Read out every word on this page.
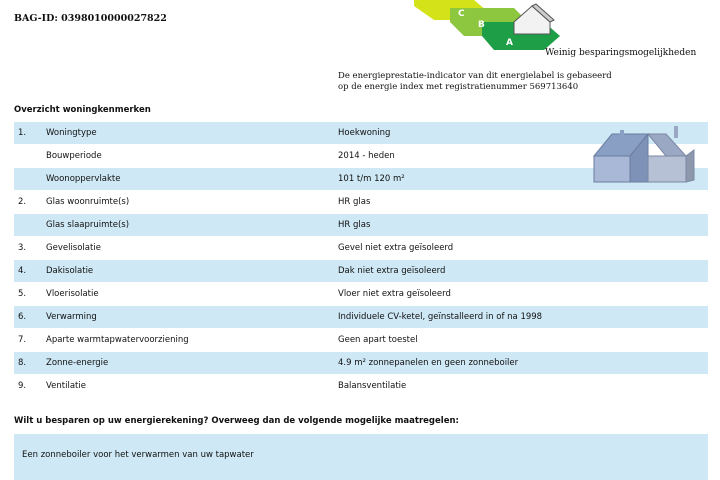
BAG-ID: 0398010000027822	C
B
A
Weinig besparingsmogelijkheden
De energieprestatie-indicator van dit energielabel is gebaseerd
op de energie index met registratienummer 569713640
Overzicht woningkenmerken
1.	Woningtype	Hoekwoning
Bouwperiode	2014 - heden
Woonoppervlakte	101 t/m 120 m²
2.	Glas woonruimte(s)	HR glas
Glas slaapruimte(s)	HR glas
3.	Gevelisolatie	Gevel niet extra geïsoleerd
4.	Dakisolatie	Dak niet extra geïsoleerd
5.	Vloerisolatie	Vloer niet extra geïsoleerd
6.	Verwarming	Individuele CV-ketel, geïnstalleerd in of na 1998
7.	Aparte warmtapwatervoorziening	Geen apart toestel
8.	Zonne-energie	4.9 m² zonnepanelen en geen zonneboiler
9.	Ventilatie	Balansventilatie
Wilt u besparen op uw energierekening? Overweeg dan de volgende mogelijke maatregelen:
Een zonneboiler voor het verwarmen van uw tapwater
